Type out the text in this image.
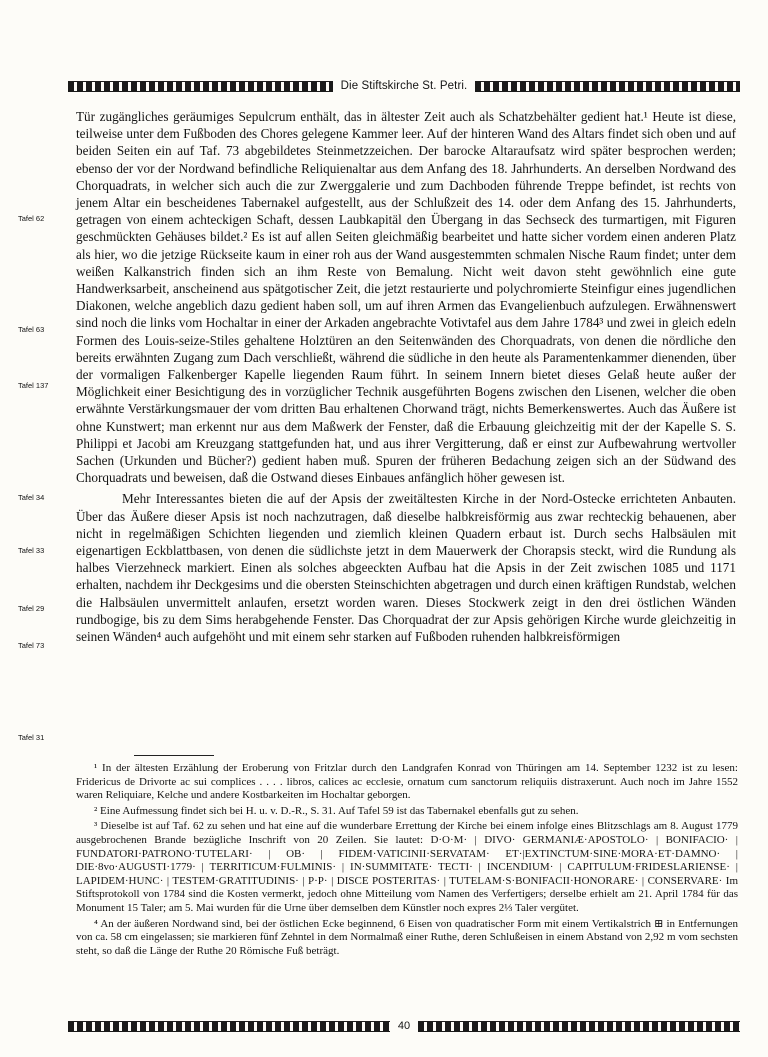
Die Stiftskirche St. Petri.
Tafel 62
Tafel 63
Tafel 137
Tafel 34
Tafel 33
Tafel 29
Tafel 73
Tafel 31

Tür zugängliches geräumiges Sepulcrum enthält, das in ältester Zeit auch als Schatzbehälter gedient hat.¹ Heute ist diese, teilweise unter dem Fußboden des Chores gelegene Kammer leer. Auf der hinteren Wand des Altars findet sich oben und auf beiden Seiten ein auf Taf. 73 abgebildetes Steinmetzzeichen. Der barocke Altaraufsatz wird später besprochen werden; ebenso der vor der Nordwand befindliche Reliquienaltar aus dem Anfang des 18. Jahrhunderts. An derselben Nordwand des Chorquadrats, in welcher sich auch die zur Zwerggalerie und zum Dachboden führende Treppe befindet, ist rechts von jenem Altar ein bescheidenes Tabernakel aufgestellt, aus der Schlußzeit des 14. oder dem Anfang des 15. Jahrhunderts, getragen von einem achteckigen Schaft, dessen Laubkapitäl den Übergang in das Sechseck des turmartigen, mit Figuren geschmückten Gehäuses bildet.² Es ist auf allen Seiten gleichmäßig bearbeitet und hatte sicher vordem einen anderen Platz als hier, wo die jetzige Rückseite kaum in einer roh aus der Wand ausgestemmten schmalen Nische Raum findet; unter dem weißen Kalkanstrich finden sich an ihm Reste von Bemalung. Nicht weit davon steht gewöhnlich eine gute Handwerksarbeit, anscheinend aus spätgotischer Zeit, die jetzt restaurierte und polychromierte Steinfigur eines jugendlichen Diakonen, welche angeblich dazu gedient haben soll, um auf ihren Armen das Evangelienbuch aufzulegen. Erwähnenswert sind noch die links vom Hochaltar in einer der Arkaden angebrachte Votivtafel aus dem Jahre 1784³ und zwei in gleich edeln Formen des Louis-seize-Stiles gehaltene Holztüren an den Seitenwänden des Chorquadrats, von denen die nördliche den bereits erwähnten Zugang zum Dach verschließt, während die südliche in den heute als Paramentenkammer dienenden, über der vormaligen Falkenberger Kapelle liegenden Raum führt. In seinem Innern bietet dieses Gelaß heute außer der Möglichkeit einer Besichtigung des in vorzüglicher Technik ausgeführten Bogens zwischen den Lisenen, welcher die oben erwähnte Verstärkungsmauer der vom dritten Bau erhaltenen Chorwand trägt, nichts Bemerkenswertes. Auch das Äußere ist ohne Kunstwert; man erkennt nur aus dem Maßwerk der Fenster, daß die Erbauung gleichzeitig mit der der Kapelle S. S. Philippi et Jacobi am Kreuzgang stattgefunden hat, und aus ihrer Vergitterung, daß er einst zur Aufbewahrung wertvoller Sachen (Urkunden und Bücher?) gedient haben muß. Spuren der früheren Bedachung zeigen sich an der Südwand des Chorquadrats und beweisen, daß die Ostwand dieses Einbaues anfänglich höher gewesen ist.

Mehr Interessantes bieten die auf der Apsis der zweitältesten Kirche in der Nord-Ostecke errichteten Anbauten. Über das Äußere dieser Apsis ist noch nachzutragen, daß dieselbe halbkreisförmig aus zwar rechteckig behauenen, aber nicht in regelmäßigen Schichten liegenden und ziemlich kleinen Quadern erbaut ist. Durch sechs Halbsäulen mit eigenartigen Eckblattbasen, von denen die südlichste jetzt in dem Mauerwerk der Chorapsis steckt, wird die Rundung als halbes Vierzehneck markiert. Einen als solches abgeeckten Aufbau hat die Apsis in der Zeit zwischen 1085 und 1171 erhalten, nachdem ihr Deckgesims und die obersten Steinschichten abgetragen und durch einen kräftigen Rundstab, welchen die Halbsäulen unvermittelt anlaufen, ersetzt worden waren. Dieses Stockwerk zeigt in den drei östlichen Wänden rundbogige, bis zu dem Sims herabgehende Fenster. Das Chorquadrat der zur Apsis gehörigen Kirche wurde gleichzeitig in seinen Wänden⁴ auch aufgehöht und mit einem sehr starken auf Fußboden ruhenden halbkreisförmigen

¹ In der ältesten Erzählung der Eroberung von Fritzlar durch den Landgrafen Konrad von Thüringen am 14. September 1232 ist zu lesen: Fridericus de Drivorte ac sui complices . . . . libros, calices ac ecclesie, ornatum cum sanctorum reliquiis distraxerunt. Auch noch im Jahre 1552 waren Reliquiare, Kelche und andere Kostbarkeiten im Hochaltar geborgen.

² Eine Aufmessung findet sich bei H. u. v. D.-R., S. 31. Auf Tafel 59 ist das Tabernakel ebenfalls gut zu sehen.

³ Dieselbe ist auf Taf. 62 zu sehen und hat eine auf die wunderbare Errettung der Kirche bei einem infolge eines Blitzschlags am 8. August 1779 ausgebrochenen Brande bezügliche Inschrift von 20 Zeilen. Sie lautet: D·O·M· | DIVO· GERMANIÆ·APOSTOLO· | BONIFACIO· | FUNDATORI·PATRONO·TUTELARI· | OB· | FIDEM·VATICINII·SERVATAM· ET·|EXTINCTUM·SINE·MORA·ET·DAMNO· | DIE·8vo·AUGUSTI·1779· | TERRITICUM·FULMINIS· | IN·SUMMITATE· TECTI· | INCENDIUM· | CAPITULUM·FRIDESLARIENSE· | LAPIDEM·HUNC· | TESTEM·GRATITUDINIS· | P·P· | DISCE POSTERITAS· | TUTELAM·S·BONIFACII·HONORARE· | CONSERVARE· Im Stiftsprotokoll von 1784 sind die Kosten vermerkt, jedoch ohne Mitteilung vom Namen des Verfertigers; derselbe erhielt am 21. April 1784 für das Monument 15 Taler; am 5. Mai wurden für die Urne über demselben dem Künstler noch expres 2⅓ Taler vergütet.

⁴ An der äußeren Nordwand sind, bei der östlichen Ecke beginnend, 6 Eisen von quadratischer Form mit einem Vertikalstrich ⊞ in Entfernungen von ca. 58 cm eingelassen; sie markieren fünf Zehntel in dem Normalmaß einer Ruthe, deren Schlußeisen in einem Abstand von 2,92 m vom sechsten steht, so daß die Länge der Ruthe 20 Römische Fuß beträgt.

40
